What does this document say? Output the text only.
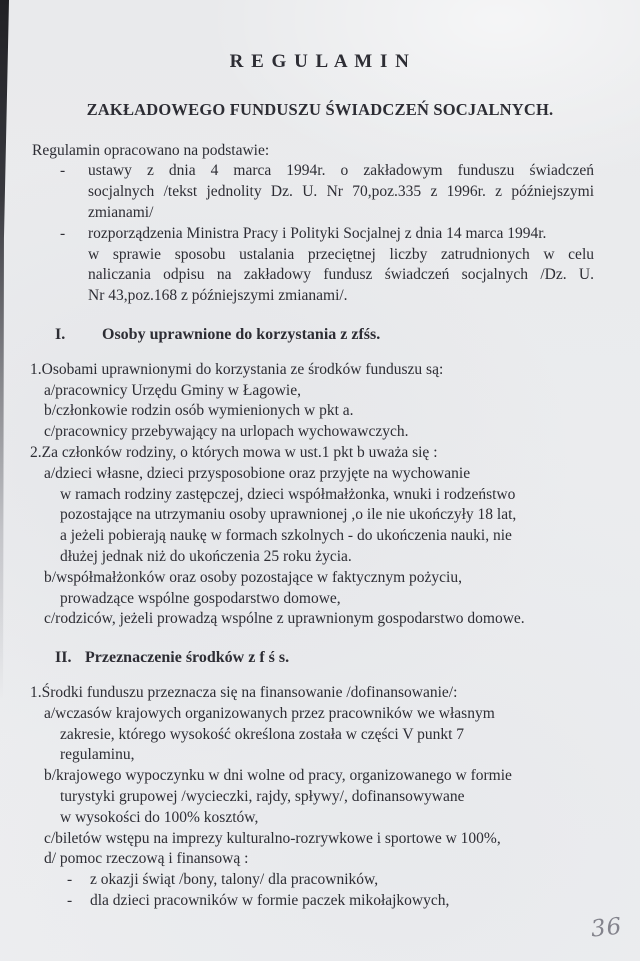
R E G U L A M I N
ZAKŁADOWEGO FUNDUSZU ŚWIADCZEŃ SOCJALNYCH.

Regulamin opracowano na podstawie:

- ustawy z dnia 4 marca 1994r. o zakładowym funduszu świadczeń
socjalnych /tekst jednolity Dz. U. Nr 70,poz.335 z 1996r. z późniejszymi
zmianami/
- rozporządzenia Ministra Pracy i Polityki Socjalnej z dnia 14 marca 1994r.
w sprawie sposobu ustalania przeciętnej liczby zatrudnionych w celu
naliczania odpisu na zakładowy fundusz świadczeń socjalnych /Dz. U.
Nr 43,poz.168 z późniejszymi zmianami/.
I. Osoby uprawnione do korzystania z zfśs.
1.Osobami uprawnionymi do korzystania ze środków funduszu są:
a/pracownicy Urzędu Gminy w Łagowie,
b/członkowie rodzin osób wymienionych w pkt a.
c/pracownicy przebywający na urlopach wychowawczych.
2.Za członków rodziny, o których mowa w ust.1 pkt b uważa się :
a/dzieci własne, dzieci przysposobione oraz przyjęte na wychowanie
w ramach rodziny zastępczej, dzieci współmałżonka, wnuki i rodzeństwo
pozostające na utrzymaniu osoby uprawnionej ,o ile nie ukończyły 18 lat,
a jeżeli pobierają naukę w formach szkolnych - do ukończenia nauki, nie
dłużej jednak niż do ukończenia 25 roku życia.
b/współmałżonków oraz osoby pozostające w faktycznym pożyciu,
prowadzące wspólne gospodarstwo domowe,
c/rodziców, jeżeli prowadzą wspólne z uprawnionym gospodarstwo domowe.
II. Przeznaczenie środków z f ś s.
1.Środki funduszu przeznacza się na finansowanie /dofinansowanie/:
a/wczasów krajowych organizowanych przez pracowników we własnym
zakresie, którego wysokość określona została w części V punkt 7
regulaminu,
b/krajowego wypoczynku w dni wolne od pracy, organizowanego w formie
turystyki grupowej /wycieczki, rajdy, spływy/, dofinansowywane
w wysokości do 100% kosztów,
c/biletów wstępu na imprezy kulturalno-rozrywkowe i sportowe w 100%,
d/ pomoc rzeczową i finansową :
- z okazji świąt /bony, talony/ dla pracowników,
- dla dzieci pracowników w formie paczek mikołajkowych,
36
